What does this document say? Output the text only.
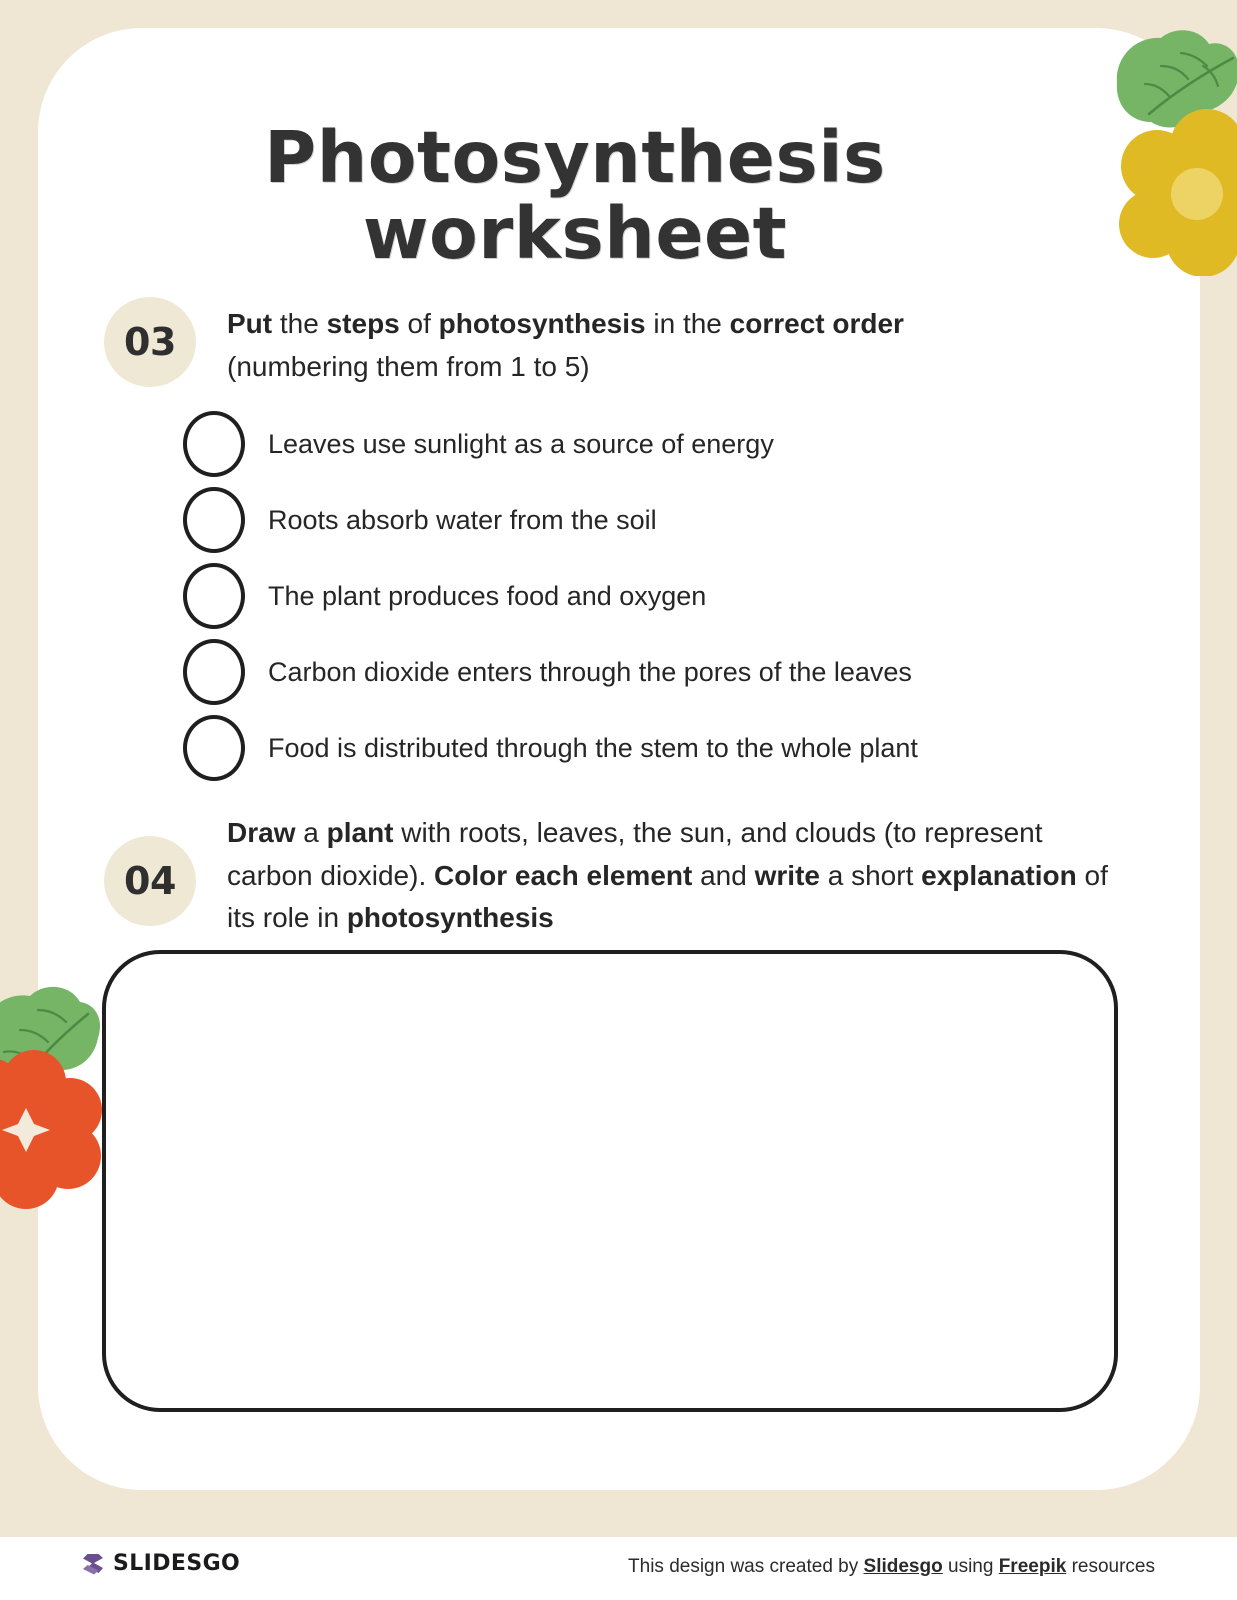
Photosynthesis
worksheet
03	Put the steps of photosynthesis in the correct order (numbering them from 1 to 5)
Leaves use sunlight as a source of energy
Roots absorb water from the soil
The plant produces food and oxygen
Carbon dioxide enters through the pores of the leaves
Food is distributed through the stem to the whole plant
04
Draw a plant with roots, leaves, the sun, and clouds (to represent carbon dioxide). Color each element and write a short explanation of its role in photosynthesis
SLIDESGO	This design was created by Slidesgo using Freepik resources
